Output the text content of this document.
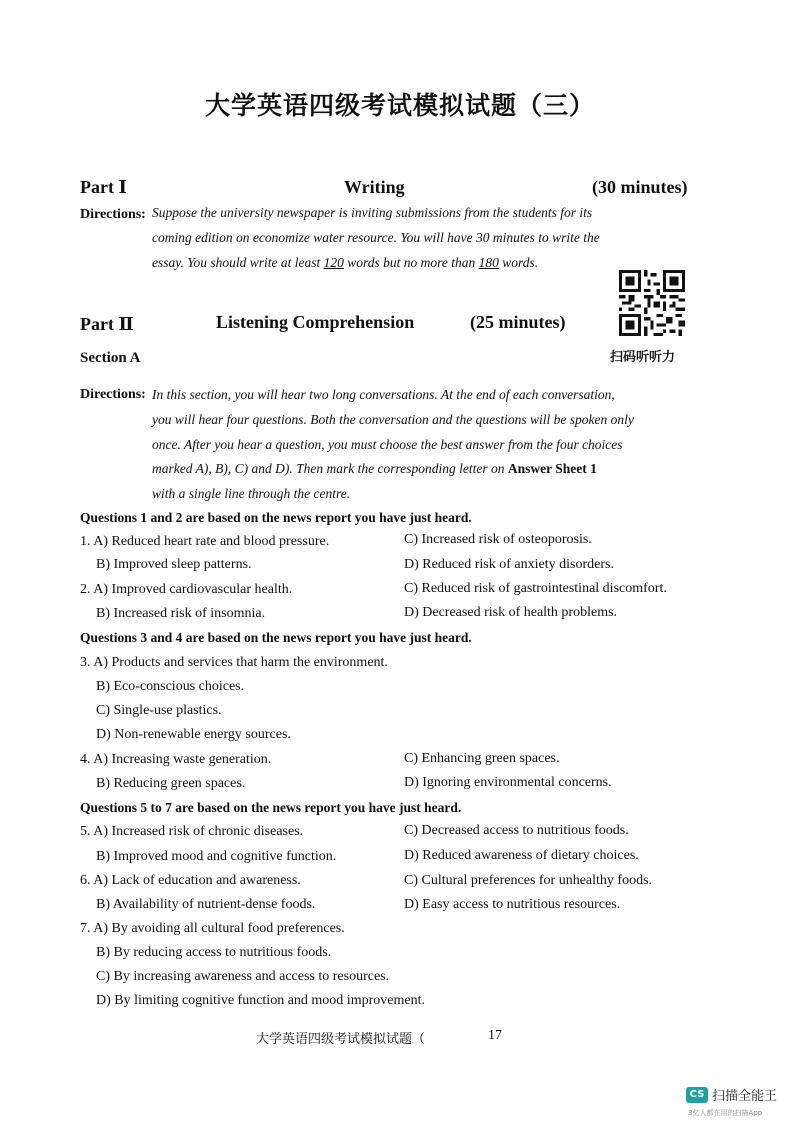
大学英语四级考试模拟试题（三）
Part Ⅰ	Writing	(30 minutes)
Directions: Suppose the university newspaper is inviting submissions from the students for its
coming edition on economize water resource. You will have 30 minutes to write the
essay. You should write at least 120 words but no more than 180 words.
扫码听听力
Part Ⅱ	Listening Comprehension	(25 minutes)
Section A
Directions: In this section, you will hear two long conversations. At the end of each conversation,
you will hear four questions. Both the conversation and the questions will be spoken only
once. After you hear a question, you must choose the best answer from the four choices
marked A), B), C) and D). Then mark the corresponding letter on Answer Sheet 1
with a single line through the centre.
Questions 1 and 2 are based on the news report you have just heard.
1. A) Reduced heart rate and blood pressure.	C) Increased risk of osteoporosis.
B) Improved sleep patterns.	D) Reduced risk of anxiety disorders.
2. A) Improved cardiovascular health.	C) Reduced risk of gastrointestinal discomfort.
B) Increased risk of insomnia.	D) Decreased risk of health problems.
Questions 3 and 4 are based on the news report you have just heard.
3. A) Products and services that harm the environment.
B) Eco-conscious choices.
C) Single-use plastics.
D) Non-renewable energy sources.
4. A) Increasing waste generation.	C) Enhancing green spaces.
B) Reducing green spaces.	D) Ignoring environmental concerns.
Questions 5 to 7 are based on the news report you have just heard.
5. A) Increased risk of chronic diseases.	C) Decreased access to nutritious foods.
B) Improved mood and cognitive function.	D) Reduced awareness of dietary choices.
6. A) Lack of education and awareness.	C) Cultural preferences for unhealthy foods.
B) Availability of nutrient-dense foods.	D) Easy access to nutritious resources.
7. A) By avoiding all cultural food preferences.
B) By reducing access to nutritious foods.
C) By increasing awareness and access to resources.
D) By limiting cognitive function and mood improvement.
大学英语四级考试模拟试题（	17
CS 扫描全能王
3亿人都在用的扫描App
